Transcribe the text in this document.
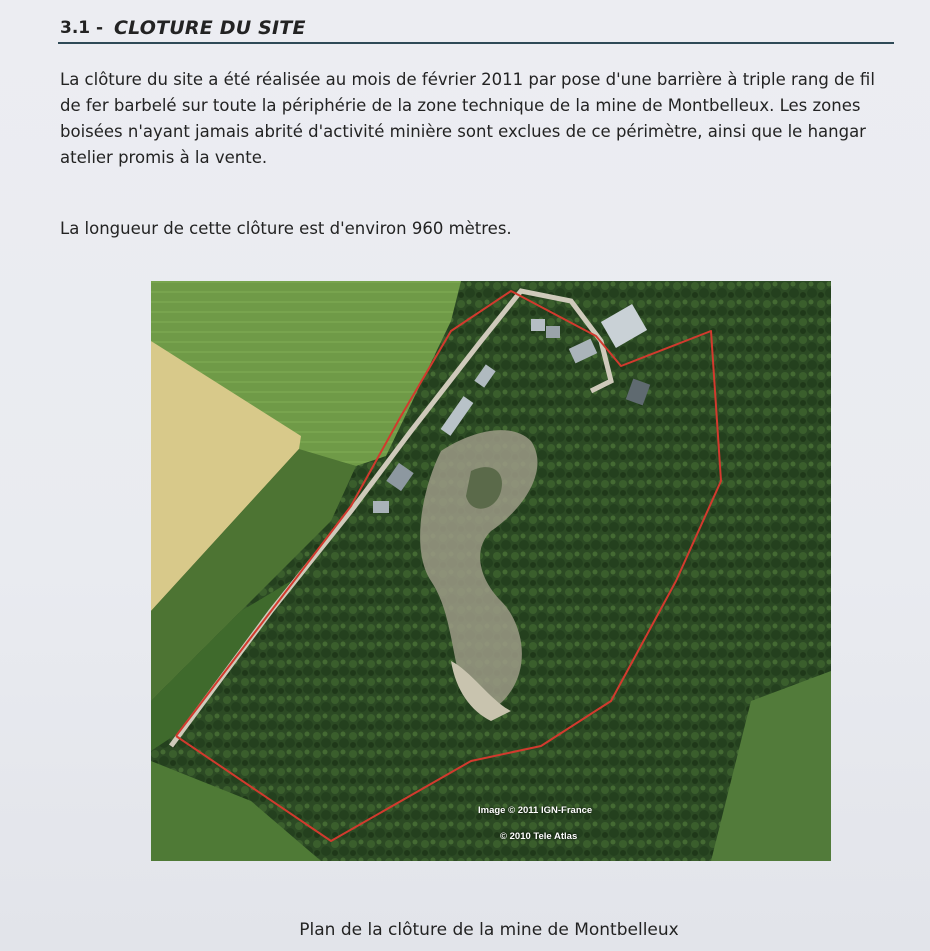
3.1 - CLOTURE DU SITE
La clôture du site a été réalisée au mois de février 2011 par pose d'une barrière à triple rang de fil
de fer barbelé sur toute la périphérie de la zone technique de la mine de Montbelleux. Les zones
boisées n'ayant jamais abrité d'activité minière sont exclues de ce périmètre, ainsi que le hangar
atelier promis à la vente.
La longueur de cette clôture est d'environ 960 mètres.
Image © 2011 IGN-France
© 2010 Tele Atlas
Plan de la clôture de la mine de Montbelleux
